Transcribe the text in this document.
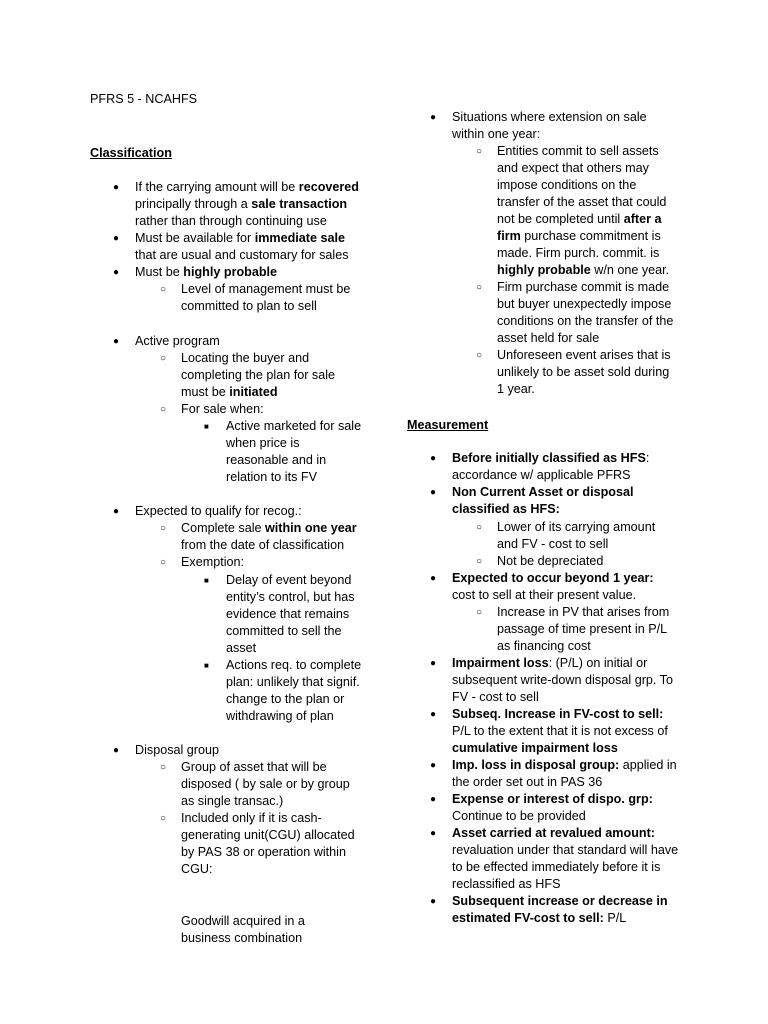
PFRS 5 - NCAHFS
Classification
● If the carrying amount will be recovered
principally through a sale transaction
rather than through continuing use
● Must be available for immediate sale
that are usual and customary for sales
● Must be highly probable
○ Level of management must be
committed to plan to sell
● Active program
○ Locating the buyer and
completing the plan for sale
must be initiated
○ For sale when:
■ Active marketed for sale
when price is
reasonable and in
relation to its FV
● Expected to qualify for recog.:
○ Complete sale within one year
from the date of classification
○ Exemption:
■ Delay of event beyond
entity’s control, but has
evidence that remains
committed to sell the
asset
■ Actions req. to complete
plan: unlikely that signif.
change to the plan or
withdrawing of plan
● Disposal group
○ Group of asset that will be
disposed ( by sale or by group
as single transac.)
○ Included only if it is cash-
generating unit(CGU) allocated
by PAS 38 or operation within
CGU:

Goodwill acquired in a
business combination

● Situations where extension on sale
within one year:
○ Entities commit to sell assets
and expect that others may
impose conditions on the
transfer of the asset that could
not be completed until after a
firm purchase commitment is
made. Firm purch. commit. is
highly probable w/n one year.
○ Firm purchase commit is made
but buyer unexpectedly impose
conditions on the transfer of the
asset held for sale
○ Unforeseen event arises that is
unlikely to be asset sold during
1 year.
Measurement
● Before initially classified as HFS:
accordance w/ applicable PFRS
● Non Current Asset or disposal
classified as HFS:
○ Lower of its carrying amount
and FV - cost to sell
○ Not be depreciated
● Expected to occur beyond 1 year:
cost to sell at their present value.
○ Increase in PV that arises from
passage of time present in P/L
as financing cost
● Impairment loss: (P/L) on initial or
subsequent write-down disposal grp. To
FV - cost to sell
● Subseq. Increase in FV-cost to sell:
P/L to the extent that it is not excess of
cumulative impairment loss
● Imp. loss in disposal group: applied in
the order set out in PAS 36
● Expense or interest of dispo. grp:
Continue to be provided
● Asset carried at revalued amount:
revaluation under that standard will have
to be effected immediately before it is
reclassified as HFS
● Subsequent increase or decrease in
estimated FV-cost to sell: P/L
